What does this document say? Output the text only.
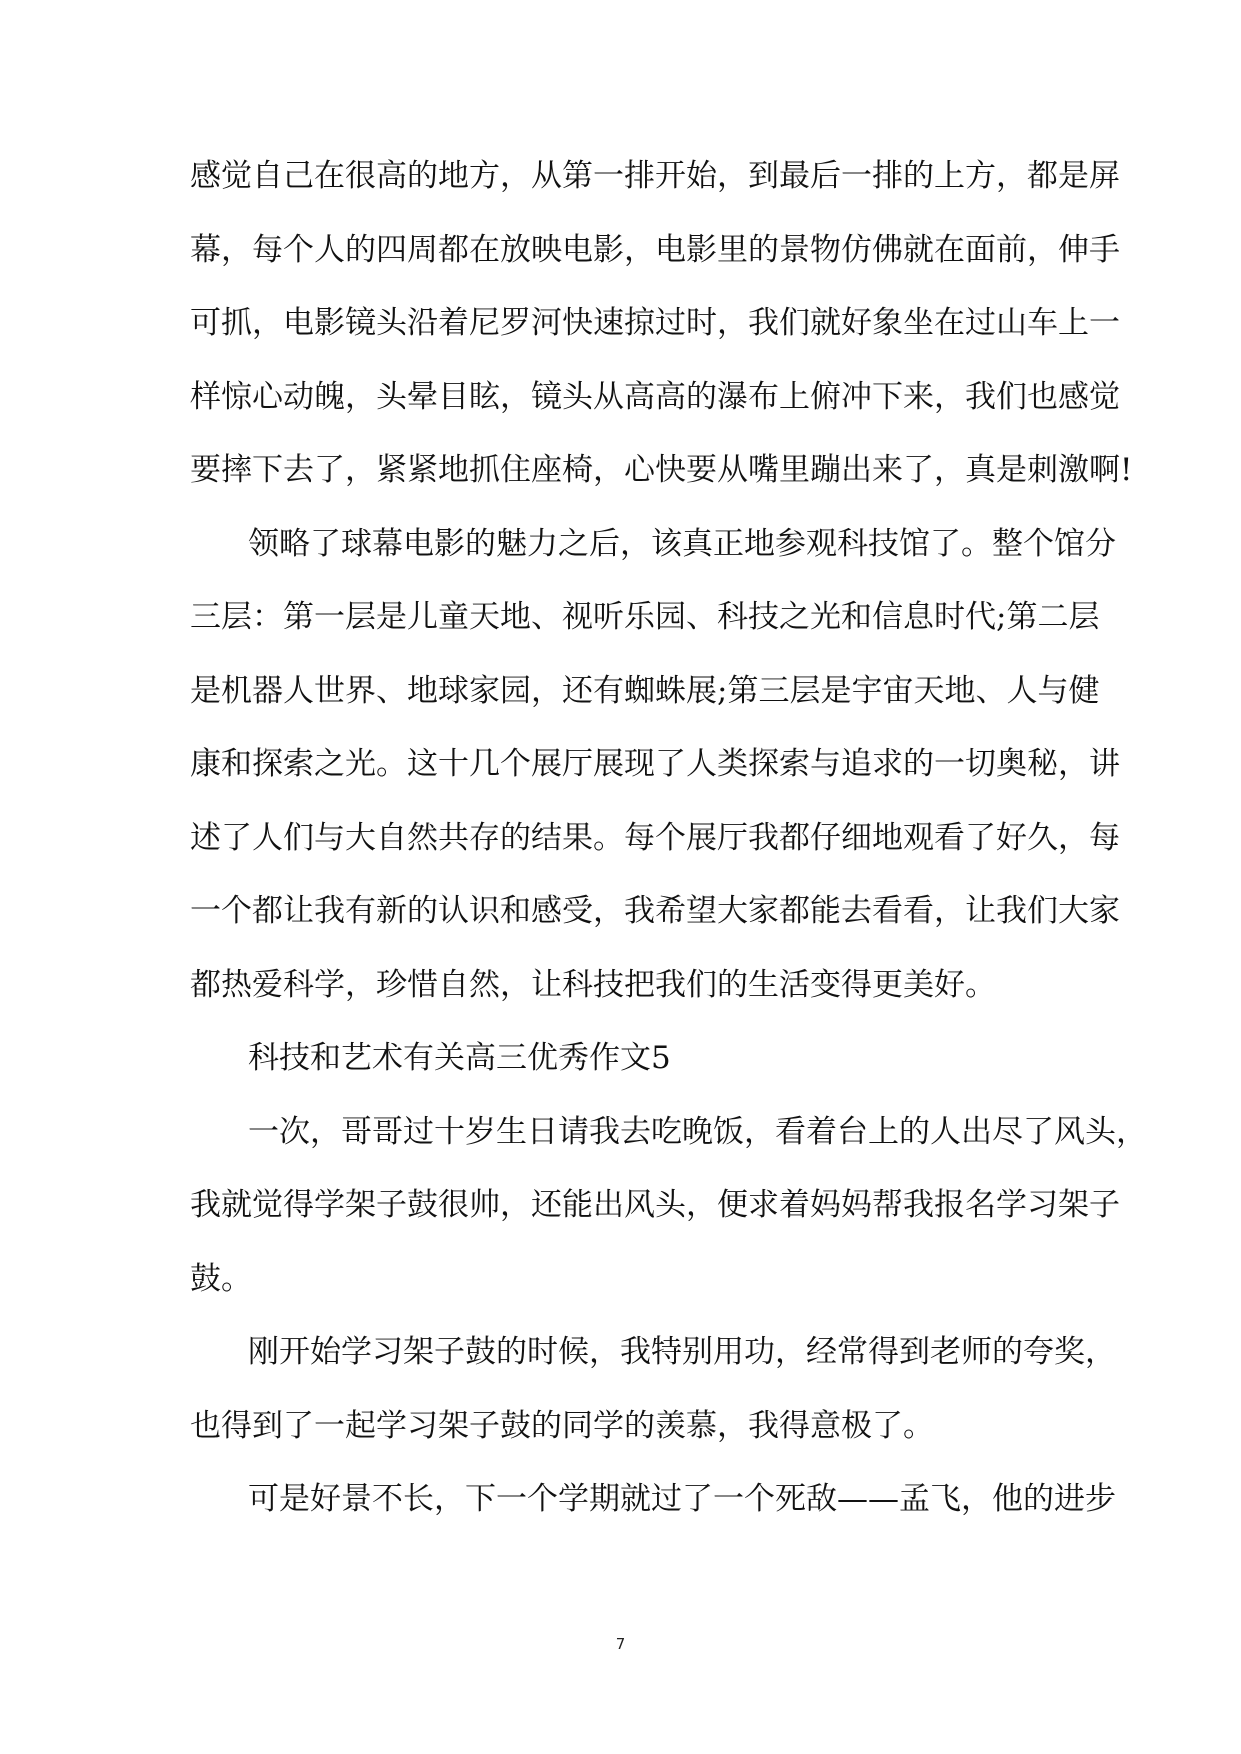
感觉自己在很高的地方，从第一排开始，到最后一排的上方，都是屏
幕，每个人的四周都在放映电影，电影里的景物仿佛就在面前，伸手
可抓，电影镜头沿着尼罗河快速掠过时，我们就好象坐在过山车上一
样惊心动魄，头晕目眩，镜头从高高的瀑布上俯冲下来，我们也感觉
要摔下去了，紧紧地抓住座椅，心快要从嘴里蹦出来了，真是刺激啊!
领略了球幕电影的魅力之后，该真正地参观科技馆了。整个馆分
三层：第一层是儿童天地、视听乐园、科技之光和信息时代;第二层
是机器人世界、地球家园，还有蜘蛛展;第三层是宇宙天地、人与健
康和探索之光。这十几个展厅展现了人类探索与追求的一切奥秘，讲
述了人们与大自然共存的结果。每个展厅我都仔细地观看了好久，每
一个都让我有新的认识和感受，我希望大家都能去看看，让我们大家
都热爱科学，珍惜自然，让科技把我们的生活变得更美好。
科技和艺术有关高三优秀作文5
一次，哥哥过十岁生日请我去吃晚饭，看着台上的人出尽了风头，
我就觉得学架子鼓很帅，还能出风头，便求着妈妈帮我报名学习架子
鼓。
刚开始学习架子鼓的时候，我特别用功，经常得到老师的夸奖，
也得到了一起学习架子鼓的同学的羡慕，我得意极了。
可是好景不长，下一个学期就过了一个死敌——孟飞，他的进步
7
